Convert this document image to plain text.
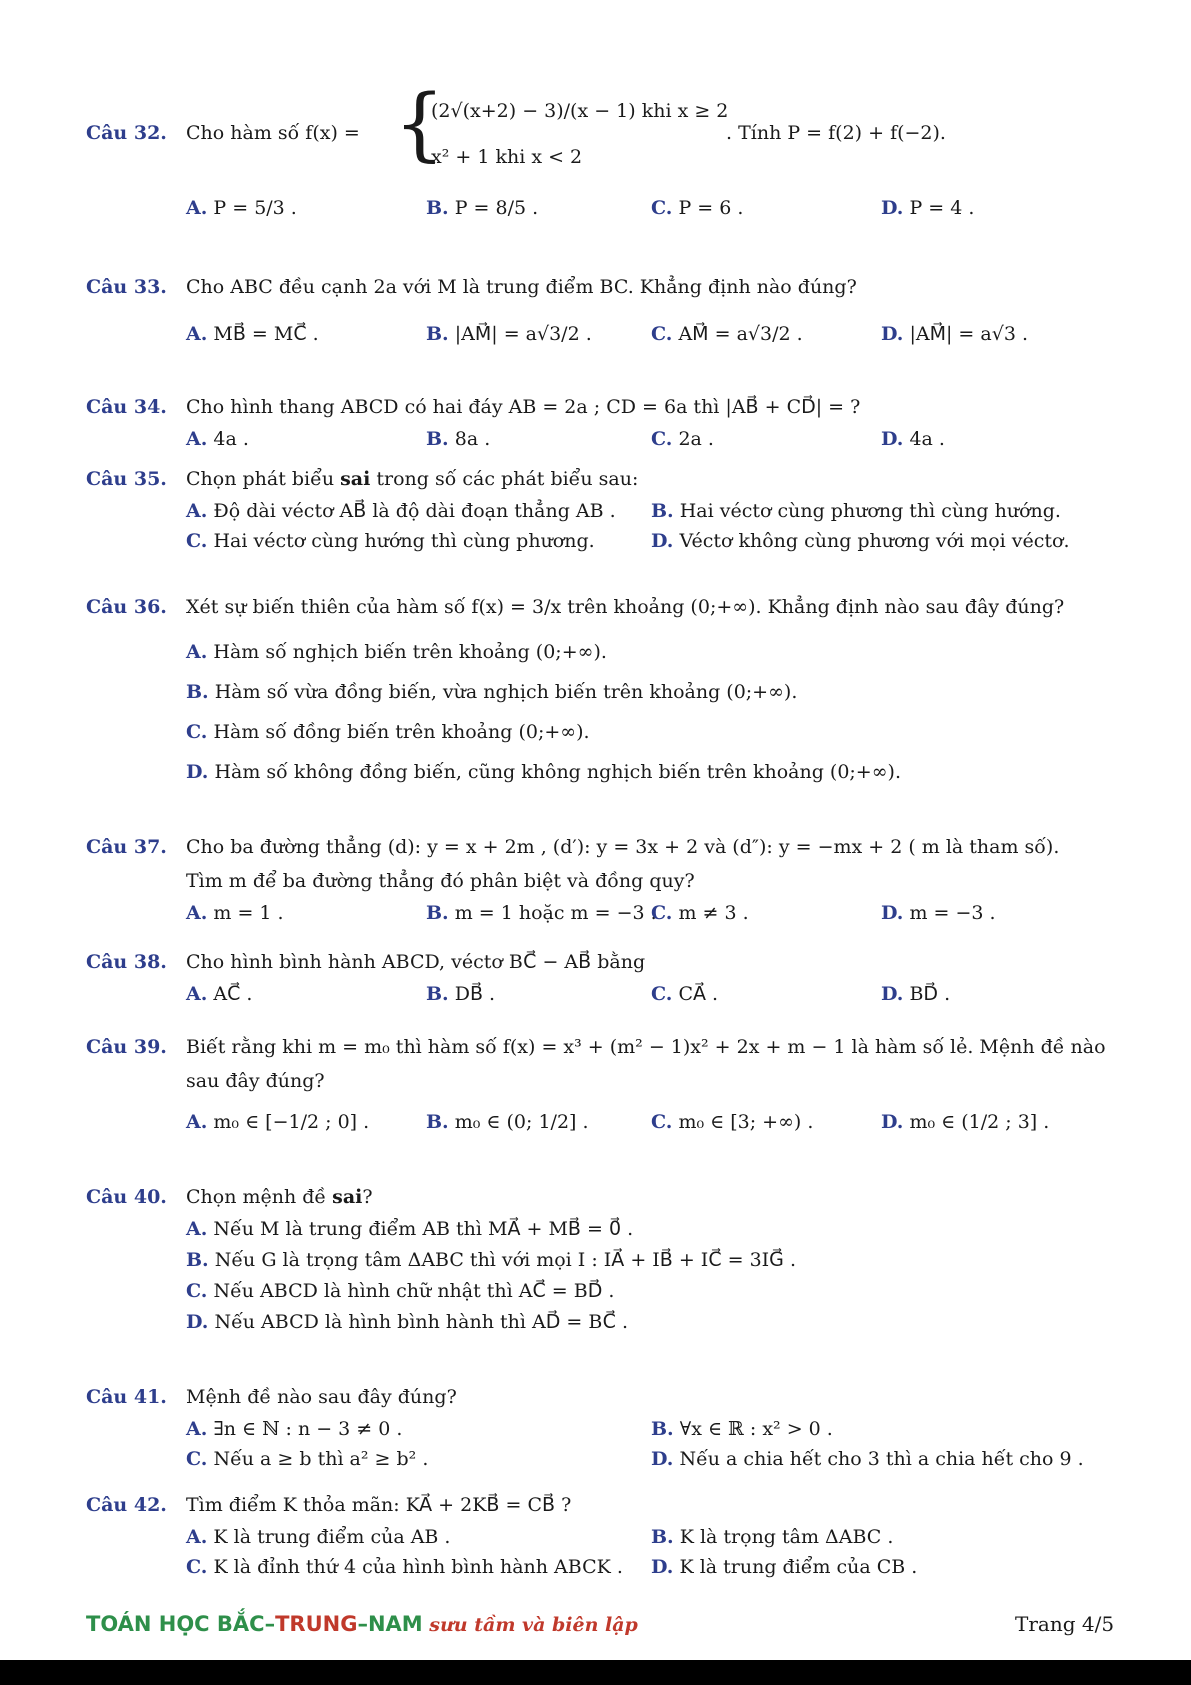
Câu 32.	Cho hàm số f(x) = {
(2√(x+2) − 3)/(x − 1) khi x ≥ 2
x² + 1 khi x < 2
. Tính P = f(2) + f(−2).
A. P = 5/3 .	B. P = 8/5 .	C. P = 6 .	D. P = 4 .
Câu 33. Cho ABC đều cạnh 2a với M là trung điểm BC. Khẳng định nào đúng?
A. MB⃗ = MC⃗ .	B. |AM⃗| = a√3/2 .	C. AM⃗ = a√3/2 .	D. |AM⃗| = a√3 .
Câu 34. Cho hình thang ABCD có hai đáy AB = 2a ; CD = 6a thì |AB⃗ + CD⃗| = ?
A. 4a .	B. 8a .	C. 2a .	D. 4a .
Câu 35. Chọn phát biểu sai trong số các phát biểu sau:
A. Độ dài véctơ AB⃗ là độ dài đoạn thẳng AB . B. Hai véctơ cùng phương thì cùng hướng.
C. Hai véctơ cùng hướng thì cùng phương.	D. Véctơ không cùng phương với mọi véctơ.
Câu 36. Xét sự biến thiên của hàm số f(x) = 3/x trên khoảng (0;+∞). Khẳng định nào sau đây đúng?
A. Hàm số nghịch biến trên khoảng (0;+∞).
B. Hàm số vừa đồng biến, vừa nghịch biến trên khoảng (0;+∞).
C. Hàm số đồng biến trên khoảng (0;+∞).
D. Hàm số không đồng biến, cũng không nghịch biến trên khoảng (0;+∞).
Câu 37. Cho ba đường thẳng (d): y = x + 2m , (d′): y = 3x + 2 và (d″): y = −mx + 2 ( m là tham số).
Tìm m để ba đường thẳng đó phân biệt và đồng quy?
A. m = 1 .	B. m = 1 hoặc m = −3 .
C. m ≠ 3 .	D. m = −3 .
Câu 38. Cho hình bình hành ABCD, véctơ BC⃗ − AB⃗ bằng
A. AC⃗ .	B. DB⃗ .	C. CA⃗ .	D. BD⃗ .
Câu 39. Biết rằng khi m = m₀ thì hàm số f(x) = x³ + (m² − 1)x² + 2x + m − 1 là hàm số lẻ. Mệnh đề nào
sau đây đúng?
A. m₀ ∈ [−1/2 ; 0] .	B. m₀ ∈ (0; 1/2] .	C. m₀ ∈ [3; +∞) .	D. m₀ ∈ (1/2 ; 3] .
Câu 40. Chọn mệnh đề sai?
A. Nếu M là trung điểm AB thì MA⃗ + MB⃗ = 0⃗ .
B. Nếu G là trọng tâm ΔABC thì với mọi I : IA⃗ + IB⃗ + IC⃗ = 3IG⃗ .
C. Nếu ABCD là hình chữ nhật thì AC⃗ = BD⃗ .
D. Nếu ABCD là hình bình hành thì AD⃗ = BC⃗ .
Câu 41. Mệnh đề nào sau đây đúng?
A. ∃n ∈ ℕ : n − 3 ≠ 0 .	B. ∀x ∈ ℝ : x² > 0 .
C. Nếu a ≥ b thì a² ≥ b² .	D. Nếu a chia hết cho 3 thì a chia hết cho 9 .
Câu 42. Tìm điểm K thỏa mãn: KA⃗ + 2KB⃗ = CB⃗ ?
A. K là trung điểm của AB .	B. K là trọng tâm ΔABC .
C. K là đỉnh thứ 4 của hình bình hành ABCK . D. K là trung điểm của CB .
TOÁN HỌC BẮC–TRUNG–NAM sưu tầm và biên lập	Trang 4/5
